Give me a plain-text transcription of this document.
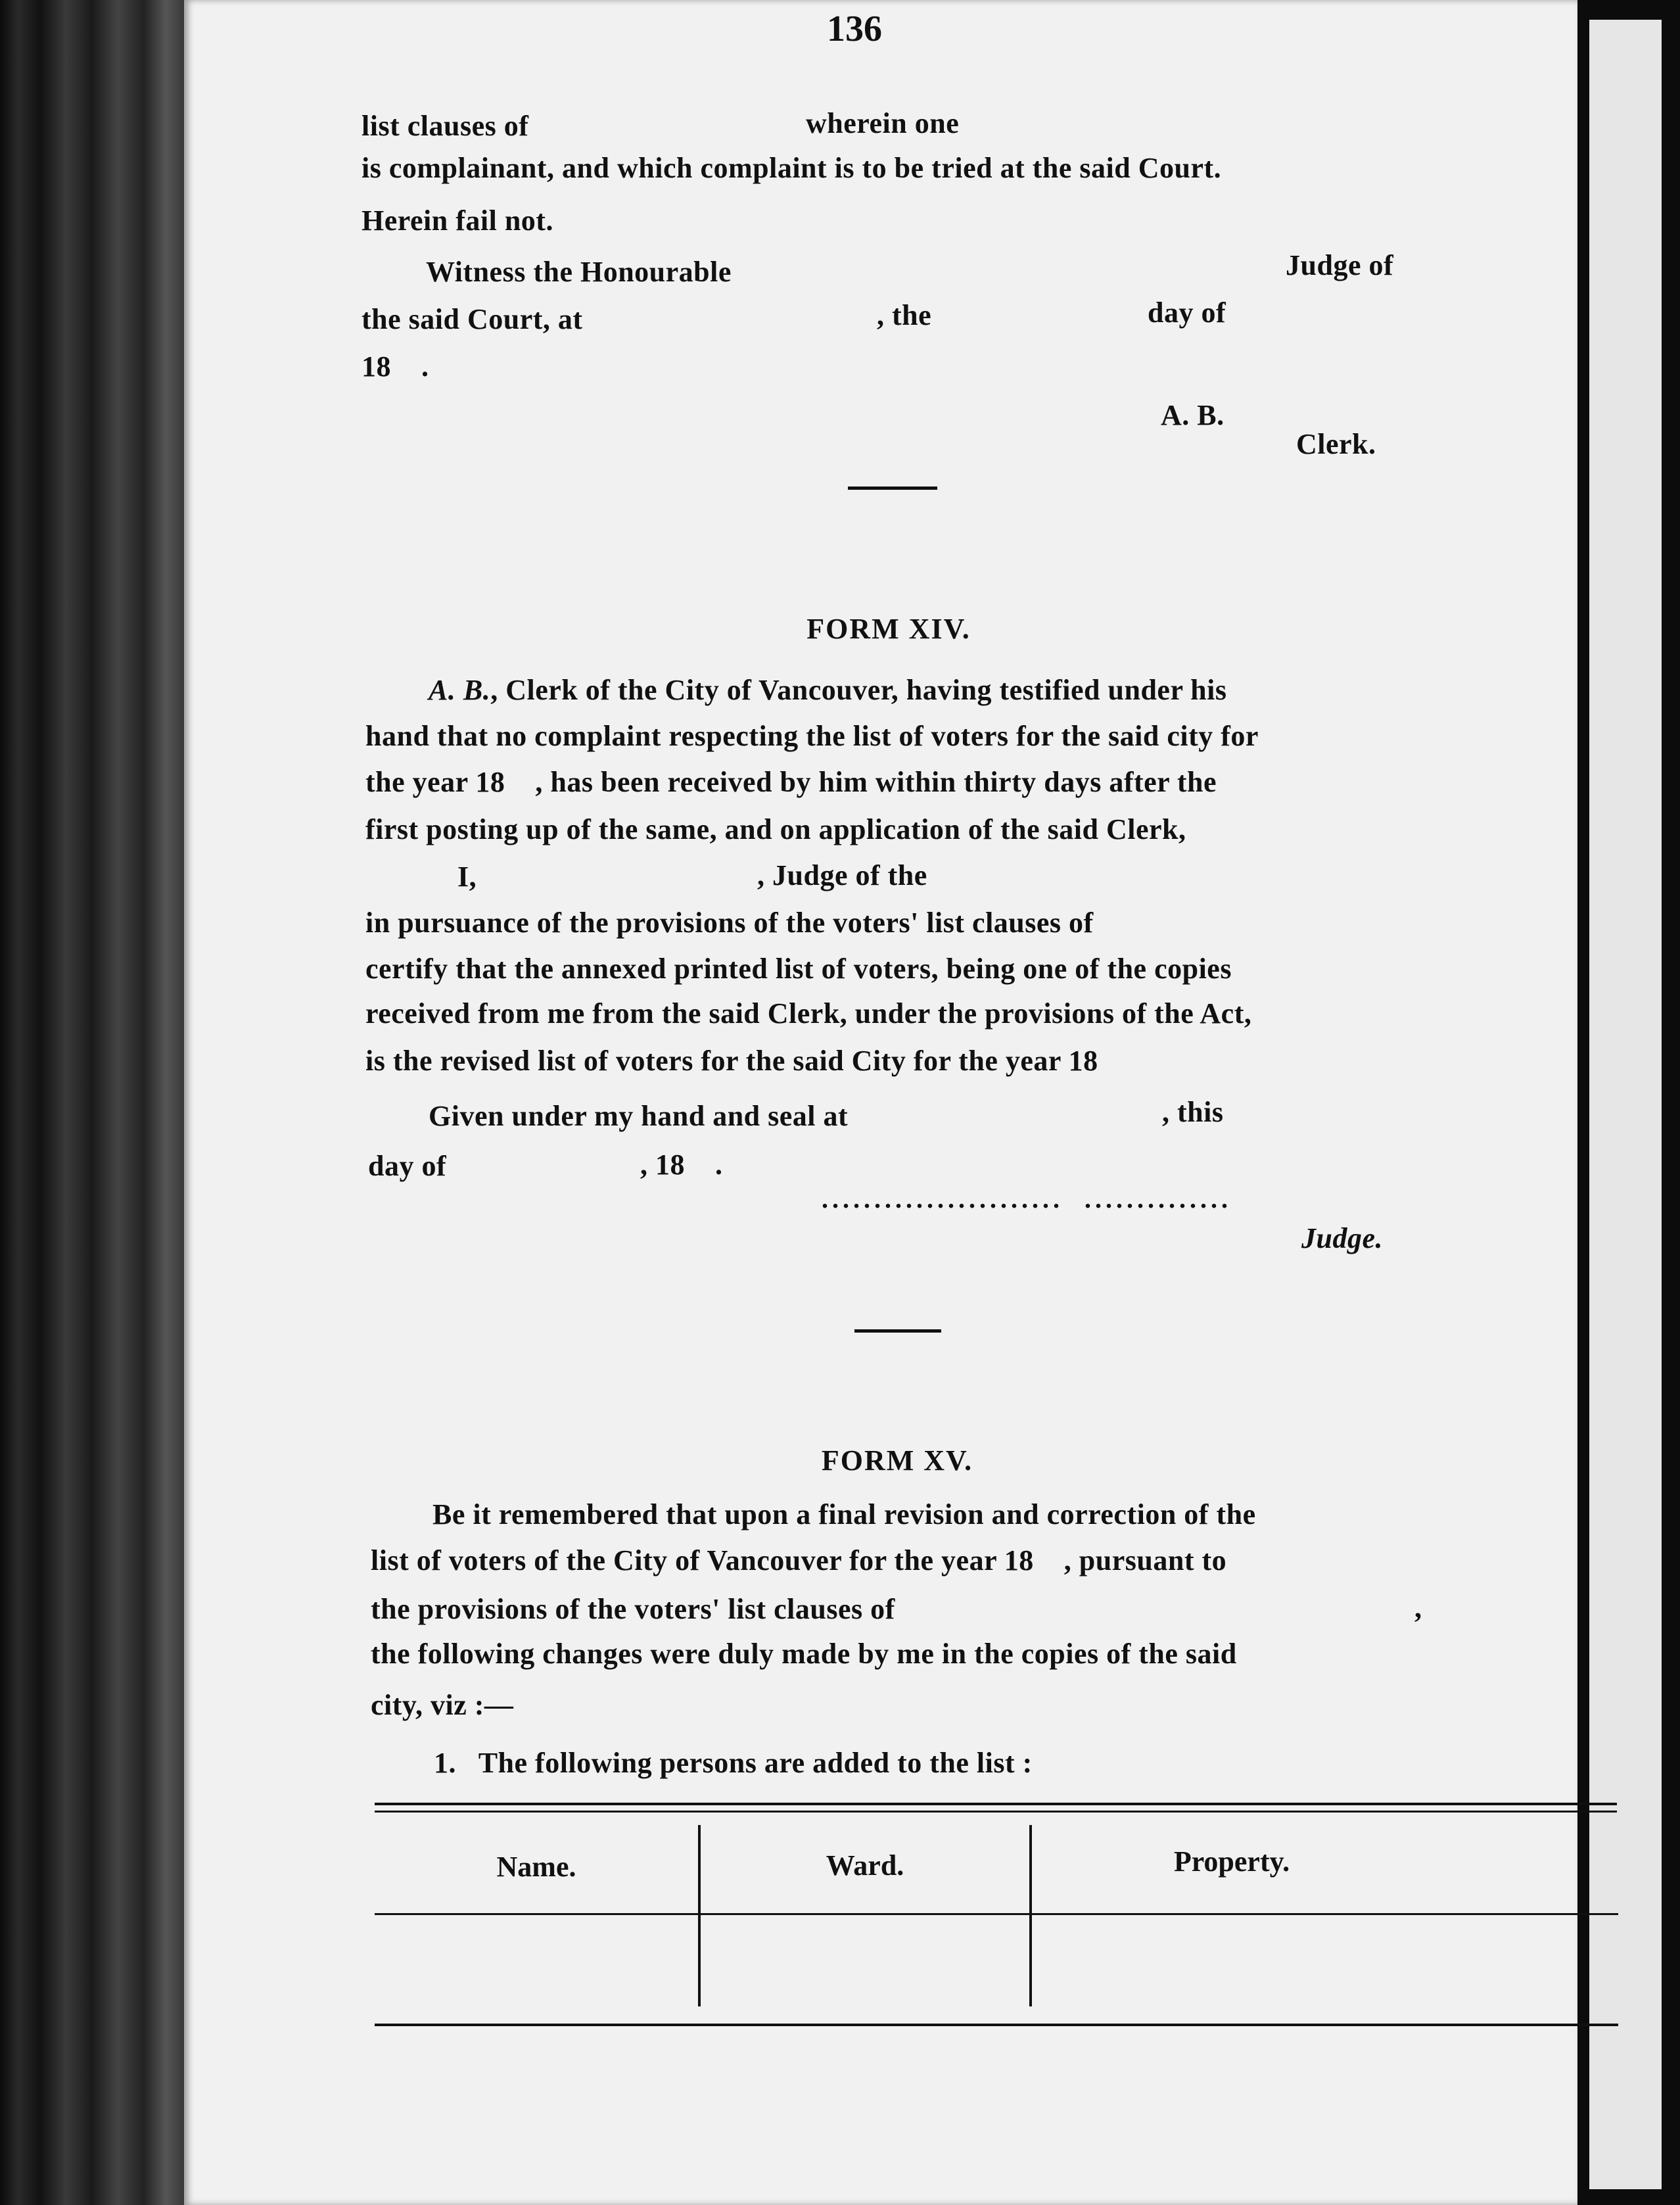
136
list clauses of	wherein one
is complainant, and which complaint is to be tried at the said Court.
Herein fail not.
Witness the Honourable	Judge of
the said Court, at	, the	day of
18    .
A. B.
Clerk.
FORM XIV.
A. B., Clerk of the City of Vancouver, having testified under his
hand that no complaint respecting the list of voters for the said city for
the year 18    , has been received by him within thirty days after the
first posting up of the same, and on application of the said Clerk,
I,	, Judge of the
in pursuance of the provisions of the voters' list clauses of
certify that the annexed printed list of voters, being one of the copies
received from me from the said Clerk, under the provisions of the Act,
is the revised list of voters for the said City for the year 18
Given under my hand and seal at	, this
day of	, 18    .
.......................  ..............
Judge.
FORM XV.
Be it remembered that upon a final revision and correction of the
list of voters of the City of Vancouver for the year 18    , pursuant to
the provisions of the voters' list clauses of	,
the following changes were duly made by me in the copies of the said
city, viz :—
1.   The following persons are added to the list :
Name.	Ward.	Property.
